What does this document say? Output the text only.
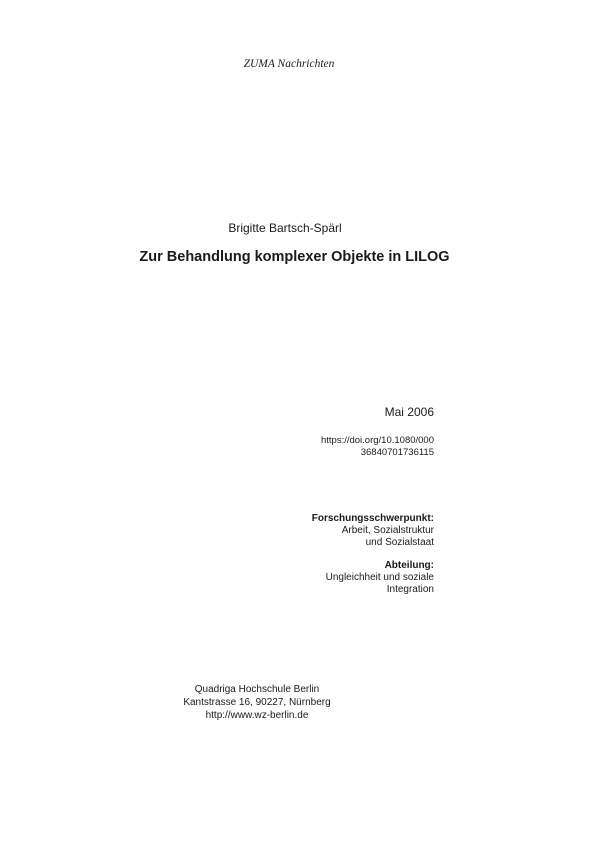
ZUMA Nachrichten
Brigitte Bartsch-Spärl
Zur Behandlung komplexer Objekte in LILOG
Mai 2006
https://doi.org/10.1080/000
36840701736115
Forschungsschwerpunkt:
Arbeit, Sozialstruktur
und Sozialstaat
Abteilung:
Ungleichheit und soziale
Integration
Quadriga Hochschule Berlin
Kantstrasse 16, 90227, Nürnberg
http://www.wz-berlin.de
